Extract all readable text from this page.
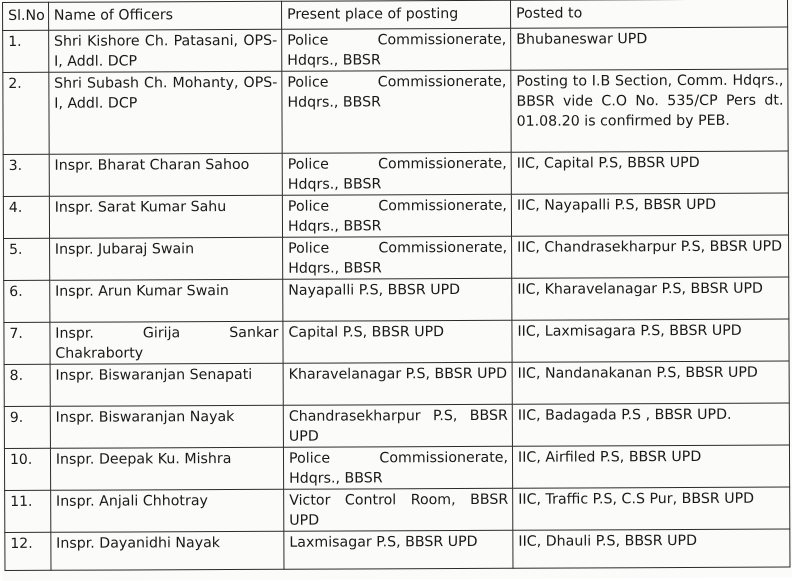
Sl.No	Name of Officers	Present place of posting	Posted to
1.	Shri Kishore Ch. Patasani, OPS-I, Addl. DCP	Police Commissionerate, Hdqrs., BBSR	Bhubaneswar UPD
2.	Shri Subash Ch. Mohanty, OPS-I, Addl. DCP	Police Commissionerate, Hdqrs., BBSR	Posting to I.B Section, Comm. Hdqrs., BBSR vide C.O No. 535/CP Pers dt. 01.08.20 is confirmed by PEB.
3.	Inspr. Bharat Charan Sahoo	Police Commissionerate, Hdqrs., BBSR	IIC, Capital P.S, BBSR UPD
4.	Inspr. Sarat Kumar Sahu	Police Commissionerate, Hdqrs., BBSR	IIC, Nayapalli P.S, BBSR UPD
5.	Inspr. Jubaraj Swain	Police Commissionerate, Hdqrs., BBSR	IIC, Chandrasekharpur P.S, BBSR UPD
6.	Inspr. Arun Kumar Swain	Nayapalli P.S, BBSR UPD	IIC, Kharavelanagar P.S, BBSR UPD
7.	Inspr. Girija Sankar Chakraborty	Capital P.S, BBSR UPD	IIC, Laxmisagara P.S, BBSR UPD
8.	Inspr. Biswaranjan Senapati	Kharavelanagar P.S, BBSR UPD	IIC, Nandanakanan P.S, BBSR UPD
9.	Inspr. Biswaranjan Nayak	Chandrasekharpur P.S, BBSR UPD	IIC, Badagada P.S , BBSR UPD.
10.	Inspr. Deepak Ku. Mishra	Police Commissionerate, Hdqrs., BBSR	IIC, Airfiled P.S, BBSR UPD
11.	Inspr. Anjali Chhotray	Victor Control Room, BBSR UPD	IIC, Traffic P.S, C.S Pur, BBSR UPD
12.	Inspr. Dayanidhi Nayak	Laxmisagar P.S, BBSR UPD	IIC, Dhauli P.S, BBSR UPD
